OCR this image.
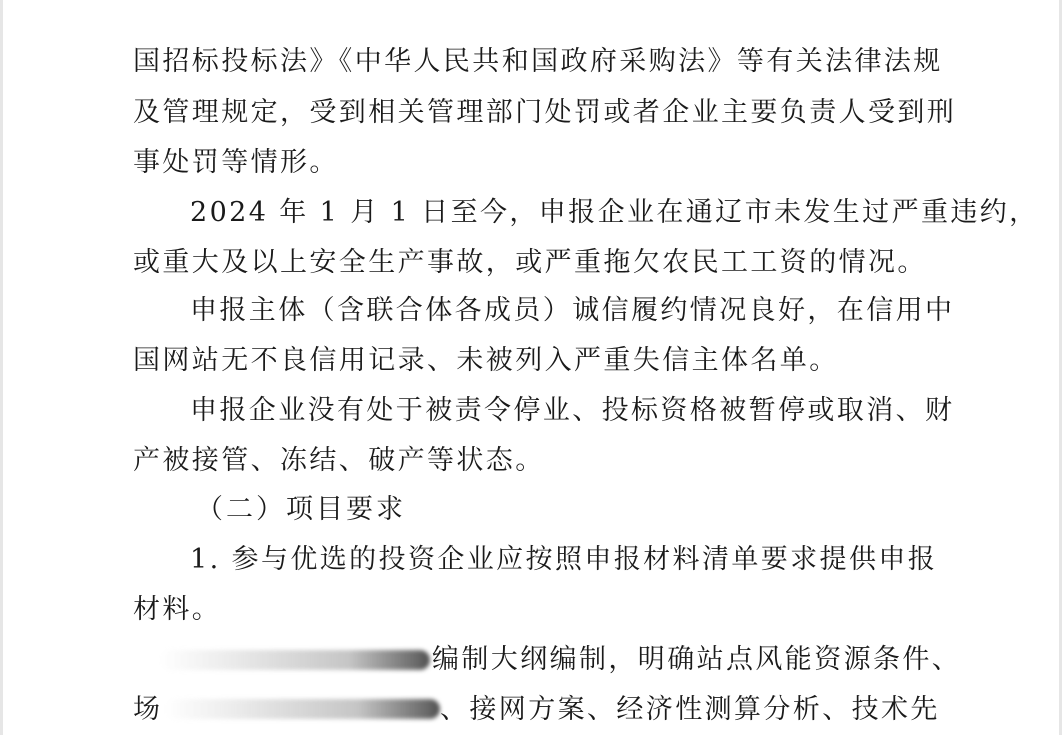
国招标投标法》《中华人民共和国政府采购法》等有关法律法规
及管理规定，受到相关管理部门处罚或者企业主要负责人受到刑
事处罚等情形。
2024 年 1 月 1 日至今，申报企业在通辽市未发生过严重违约，
或重大及以上安全生产事故，或严重拖欠农民工工资的情况。
申报主体（含联合体各成员）诚信履约情况良好，在信用中
国网站无不良信用记录、未被列入严重失信主体名单。
申报企业没有处于被责令停业、投标资格被暂停或取消、财
产被接管、冻结、破产等状态。
（二）项目要求
1. 参与优选的投资企业应按照申报材料清单要求提供申报
材料。
编制大纲编制，明确站点风能资源条件、
场	、接网方案、经济性测算分析、技术先
